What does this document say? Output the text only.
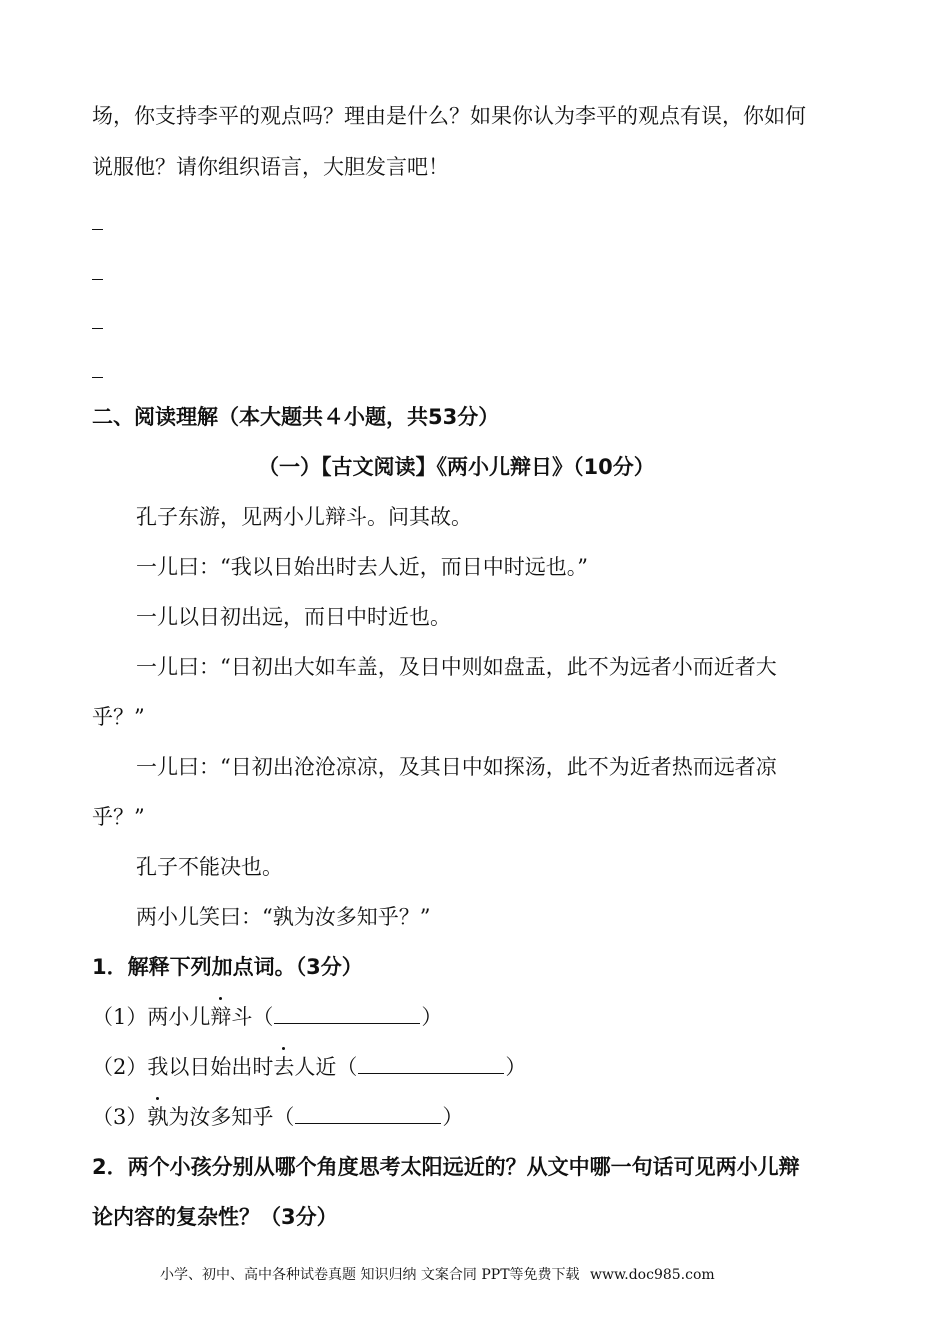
场，你支持李平的观点吗？理由是什么？如果你认为李平的观点有误，你如何
说服他？请你组织语言，大胆发言吧！
二、阅读理解（本大题共４小题，共53分）
（一）【古文阅读】《两小儿辩日》（10分）
孔子东游，见两小儿辩斗。问其故。
一儿曰：“我以日始出时去人近，而日中时远也。”
一儿以日初出远，而日中时近也。
一儿曰：“日初出大如车盖，及日中则如盘盂，此不为远者小而近者大
乎？”
一儿曰：“日初出沧沧凉凉，及其日中如探汤，此不为近者热而远者凉
乎？”
孔子不能决也。
两小儿笑曰：“孰为汝多知乎？”
1．解释下列加点词。（3分）
（1）两小儿辩斗（	）
（2）我以日始出时去人近（	）
（3）孰为汝多知乎（	）
2．两个小孩分别从哪个角度思考太阳远近的？从文中哪一句话可见两小儿辩
论内容的复杂性？（3分）
小学、初中、高中各种试卷真题 知识归纳 文案合同 PPT等免费下载 www.doc985.com
